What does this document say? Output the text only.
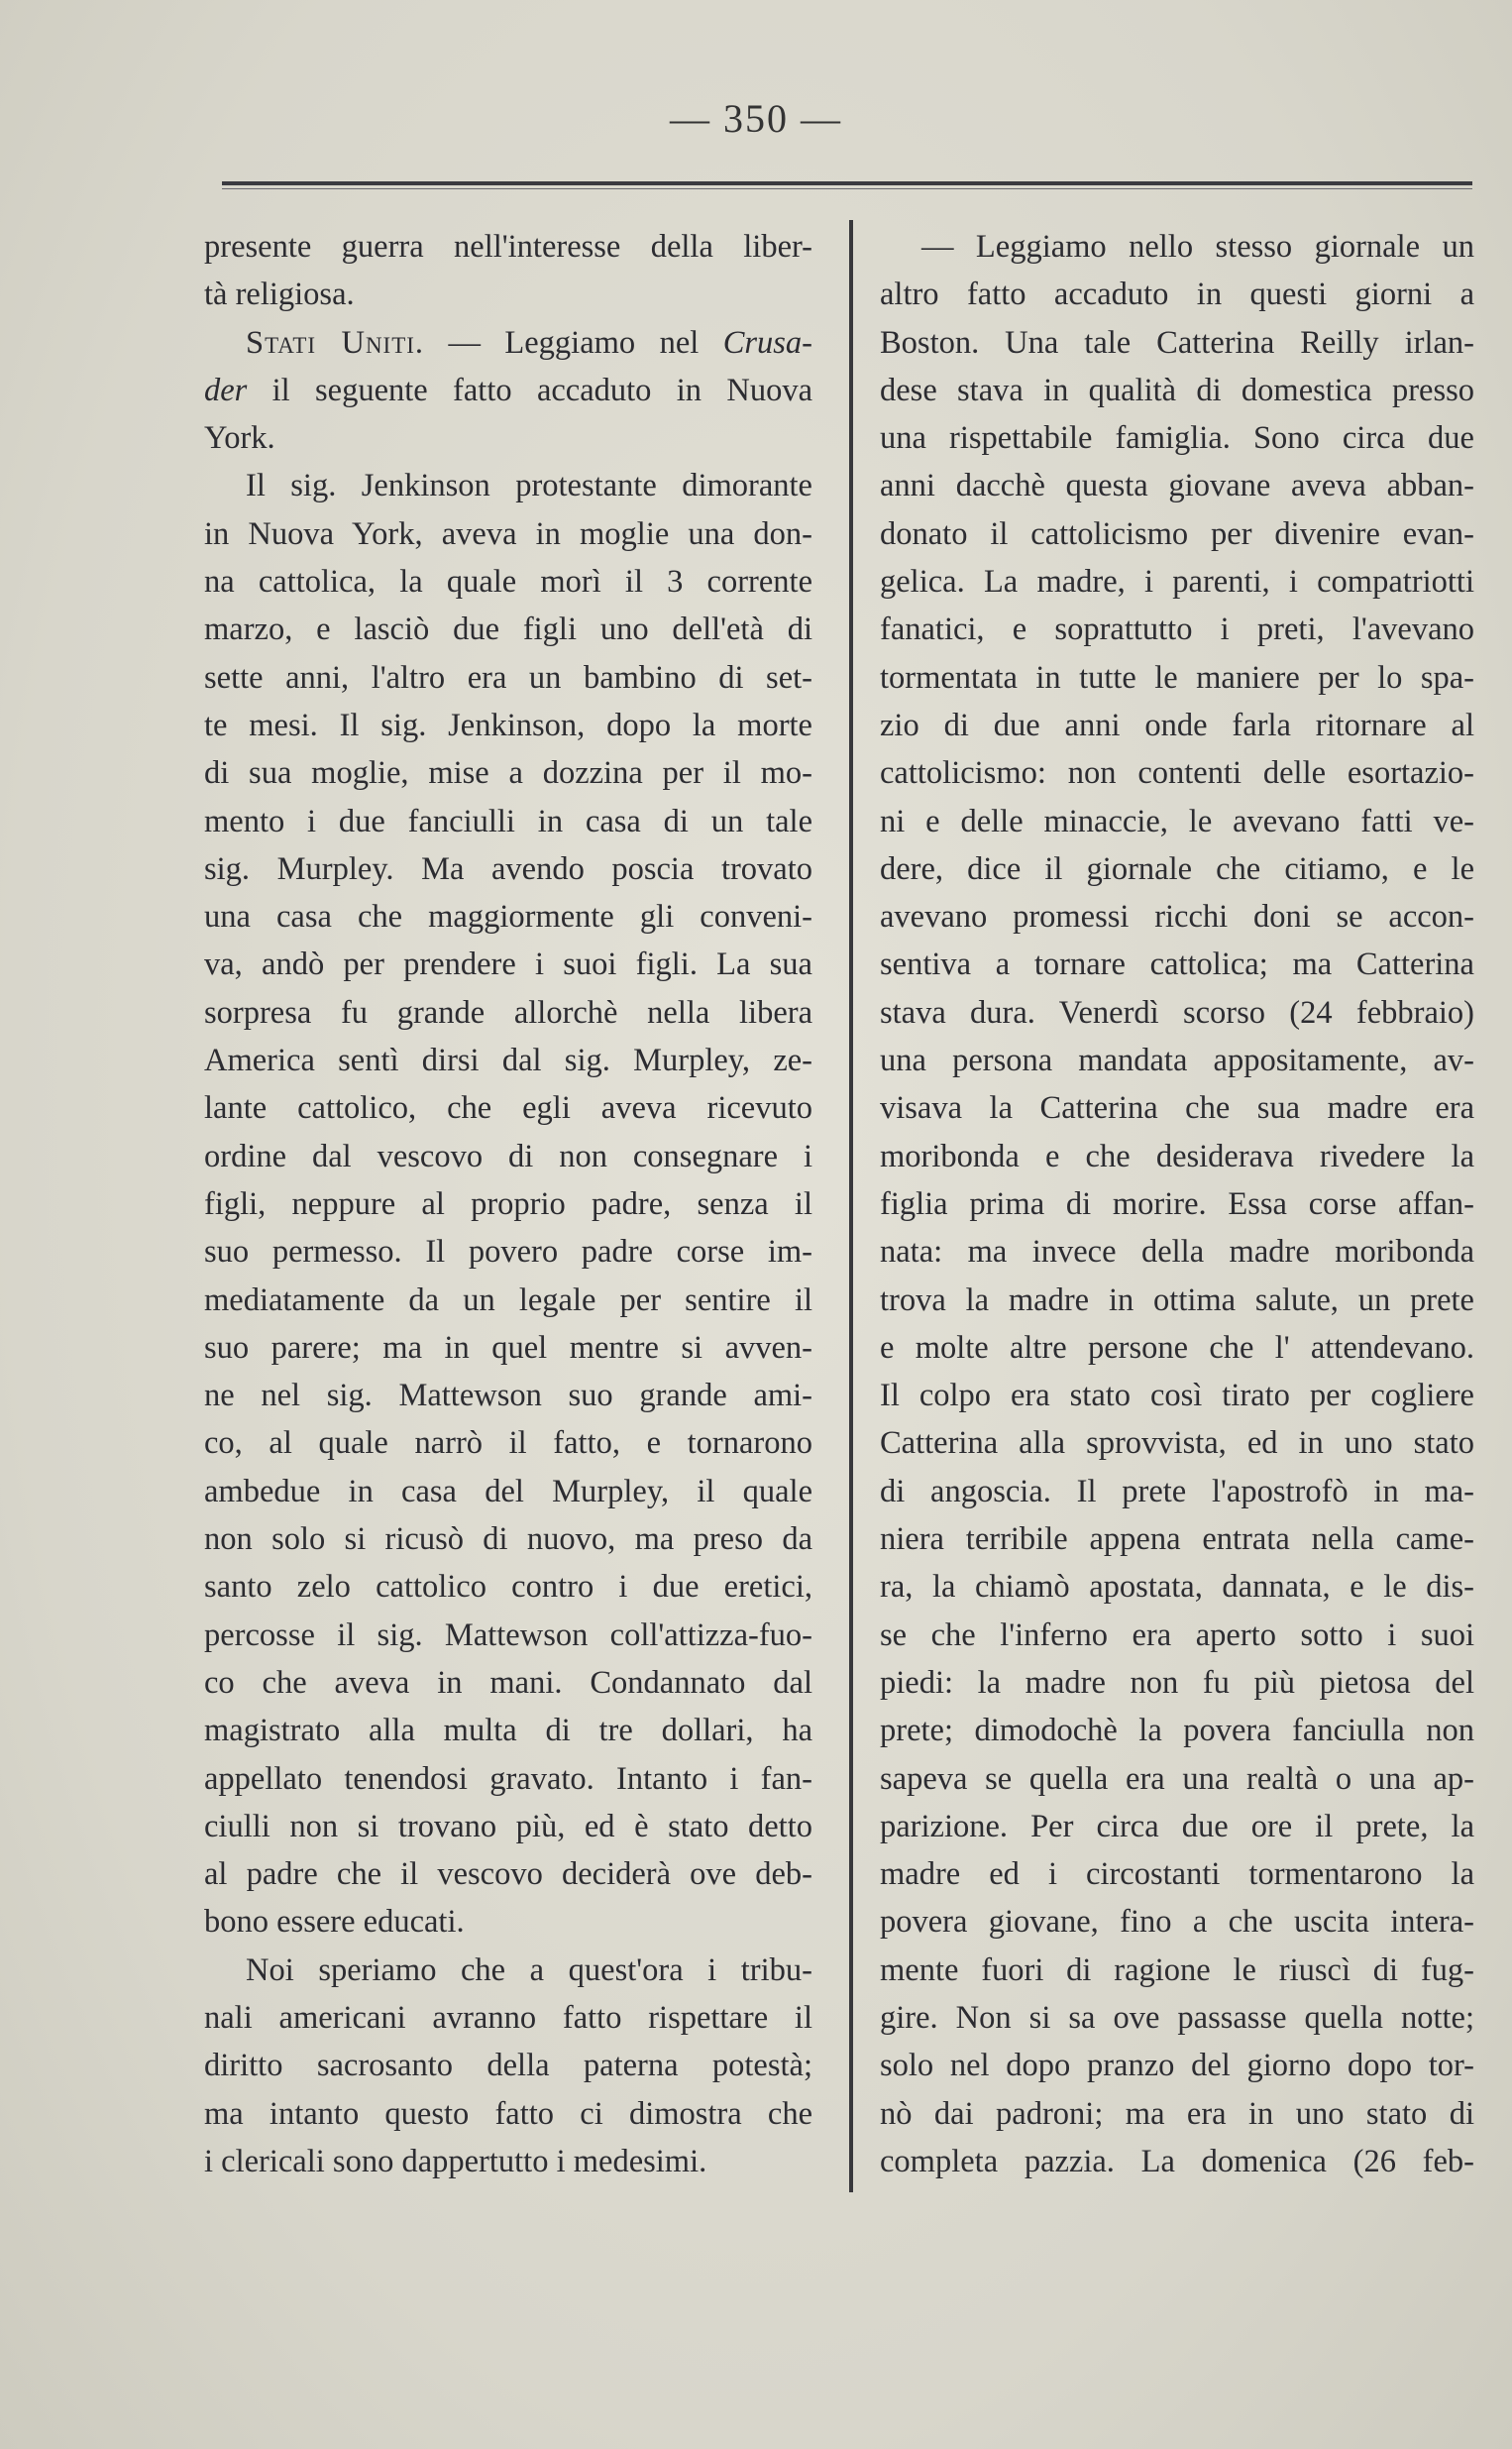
— 350 —
presente guerra nell'interesse della liber-
tà religiosa.
Stati Uniti. — Leggiamo nel Crusa-
der il seguente fatto accaduto in Nuova
York.
Il sig. Jenkinson protestante dimorante
in Nuova York, aveva in moglie una don-
na cattolica, la quale morì il 3 corrente
marzo, e lasciò due figli uno dell'età di
sette anni, l'altro era un bambino di set-
te mesi. Il sig. Jenkinson, dopo la morte
di sua moglie, mise a dozzina per il mo-
mento i due fanciulli in casa di un tale
sig. Murpley. Ma avendo poscia trovato
una casa che maggiormente gli conveni-
va, andò per prendere i suoi figli. La sua
sorpresa fu grande allorchè nella libera
America sentì dirsi dal sig. Murpley, ze-
lante cattolico, che egli aveva ricevuto
ordine dal vescovo di non consegnare i
figli, neppure al proprio padre, senza il
suo permesso. Il povero padre corse im-
mediatamente da un legale per sentire il
suo parere; ma in quel mentre si avven-
ne nel sig. Mattewson suo grande ami-
co, al quale narrò il fatto, e tornarono
ambedue in casa del Murpley, il quale
non solo si ricusò di nuovo, ma preso da
santo zelo cattolico contro i due eretici,
percosse il sig. Mattewson coll'attizza-fuo-
co che aveva in mani. Condannato dal
magistrato alla multa di tre dollari, ha
appellato tenendosi gravato. Intanto i fan-
ciulli non si trovano più, ed è stato detto
al padre che il vescovo deciderà ove deb-
bono essere educati.
Noi speriamo che a quest'ora i tribu-
nali americani avranno fatto rispettare il
diritto sacrosanto della paterna potestà;
ma intanto questo fatto ci dimostra che
i clericali sono dappertutto i medesimi.
— Leggiamo nello stesso giornale un
altro fatto accaduto in questi giorni a
Boston. Una tale Catterina Reilly irlan-
dese stava in qualità di domestica presso
una rispettabile famiglia. Sono circa due
anni dacchè questa giovane aveva abban-
donato il cattolicismo per divenire evan-
gelica. La madre, i parenti, i compatriotti
fanatici, e soprattutto i preti, l'avevano
tormentata in tutte le maniere per lo spa-
zio di due anni onde farla ritornare al
cattolicismo: non contenti delle esortazio-
ni e delle minaccie, le avevano fatti ve-
dere, dice il giornale che citiamo, e le
avevano promessi ricchi doni se accon-
sentiva a tornare cattolica; ma Catterina
stava dura. Venerdì scorso (24 febbraio)
una persona mandata appositamente, av-
visava la Catterina che sua madre era
moribonda e che desiderava rivedere la
figlia prima di morire. Essa corse affan-
nata: ma invece della madre moribonda
trova la madre in ottima salute, un prete
e molte altre persone che l' attendevano.
Il colpo era stato così tirato per cogliere
Catterina alla sprovvista, ed in uno stato
di angoscia. Il prete l'apostrofò in ma-
niera terribile appena entrata nella came-
ra, la chiamò apostata, dannata, e le dis-
se che l'inferno era aperto sotto i suoi
piedi: la madre non fu più pietosa del
prete; dimodochè la povera fanciulla non
sapeva se quella era una realtà o una ap-
parizione. Per circa due ore il prete, la
madre ed i circostanti tormentarono la
povera giovane, fino a che uscita intera-
mente fuori di ragione le riuscì di fug-
gire. Non si sa ove passasse quella notte;
solo nel dopo pranzo del giorno dopo tor-
nò dai padroni; ma era in uno stato di
completa pazzia. La domenica (26 feb-
